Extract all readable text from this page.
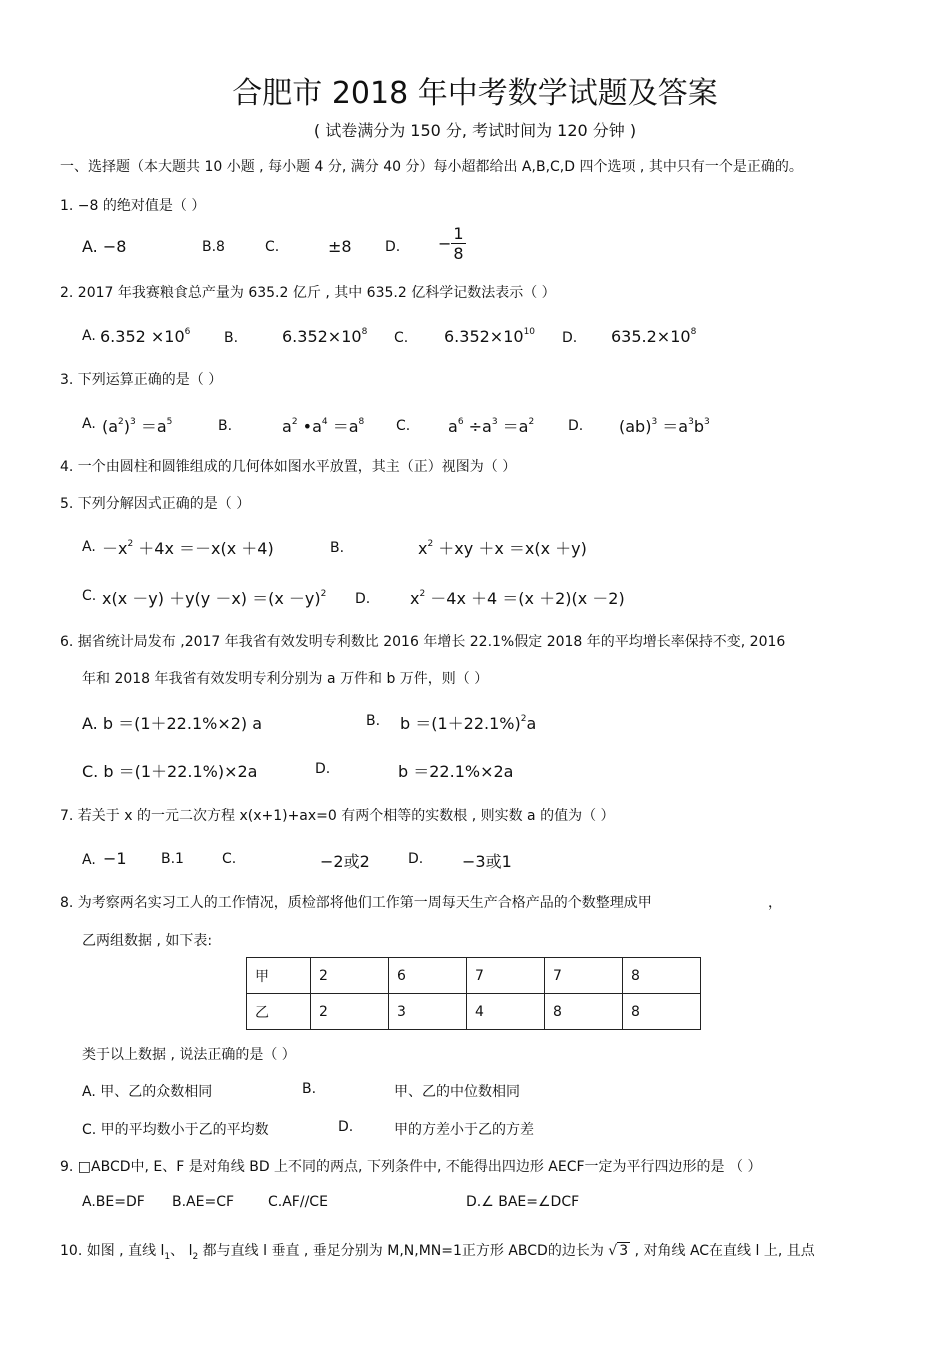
合肥市 2018 年中考数学试题及答案
( 试卷满分为 150 分, 考试时间为 120 分钟 )
一、选择题（本大题共 10 小题 , 每小题 4 分, 满分 40 分）每小超都给出 A,B,C,D 四个选项 , 其中只有一个是正确的。
1. −8 的绝对值是（ ）
A. −8	B.8	C.	±8 D. − $\frac{1}{8}$
2. 2017 年我赛粮食总产量为 635.2 亿斤 , 其中 635.2 亿科学记数法表示（ ）
A. $6.352 \times 10^6$ B.	$6.352\times 10^8$ C. $6.352\times 10^{10}$ D. $635.2\times 10^8$
3. 下列运算正确的是（ ）
A. $(a^2)^3 =a^5$	B.	$a^2$ $•a^4 =a^8$ C. $a^6 \div a^3 =a^2$ D. $(ab)^3 =a^3b^3$
4. 一个由圆柱和圆锥组成的几何体如图水平放置，其主（正）视图为（ ）
5. 下列分解因式正确的是（ ）
A. $-x^2 +4x =-x(x +4)$	B.	$x^2 +xy +x =x(x +y)$
C. $x(x -y) +y(y -x) =(x -y)^2$ D. $x^2 -4x +4 =(x +2)(x -2)$
6. 据省统计局发布 ,2017 年我省有效发明专利数比 2016 年增长 22.1%假定 2018 年的平均增长率保持不变, 2016
年和 2018 年我省有效发明专利分别为 a 万件和 b 万件，则（ ）
A. b ＝(1＋22.1%×2) a	B. $b =(1+22.1\%)^2a$
C. b ＝(1＋22.1%)×2a	D.	b ＝22.1%×2a
7. 若关于 x 的一元二次方程 x(x+1)+ax=0 有两个相等的实数根 , 则实数 a 的值为（ ）
A. −1 B.1	C.	−2或2	D. −3或1
8. 为考察两名实习工人的工作情况，质检部将他们工作第一周每天生产合格产品的个数整理成甲	，
乙两组数据 , 如下表:
甲	2	6	7	7	8
乙	2	3	4	8	8
类于以上数据 , 说法正确的是（ ）
A. 甲、乙的众数相同	B.	甲、乙的中位数相同
C. 甲的平均数小于乙的平均数	D.	甲的方差小于乙的方差
9. □ABCD中, E、F 是对角线 BD 上不同的两点, 下列条件中, 不能得出四边形 AECF一定为平行四边形的是 （ ）
A.BE=DF B.AE=CF C.AF//CE	D.∠ BAE=∠DCF
10. 如图 , 直线 $l_1$、 $l_2$ 都与直线 l 垂直 , 垂足分别为 M,N,MN=1正方形 ABCD的边长为 √ 3 , 对角线 AC在直线 l 上, 且点
